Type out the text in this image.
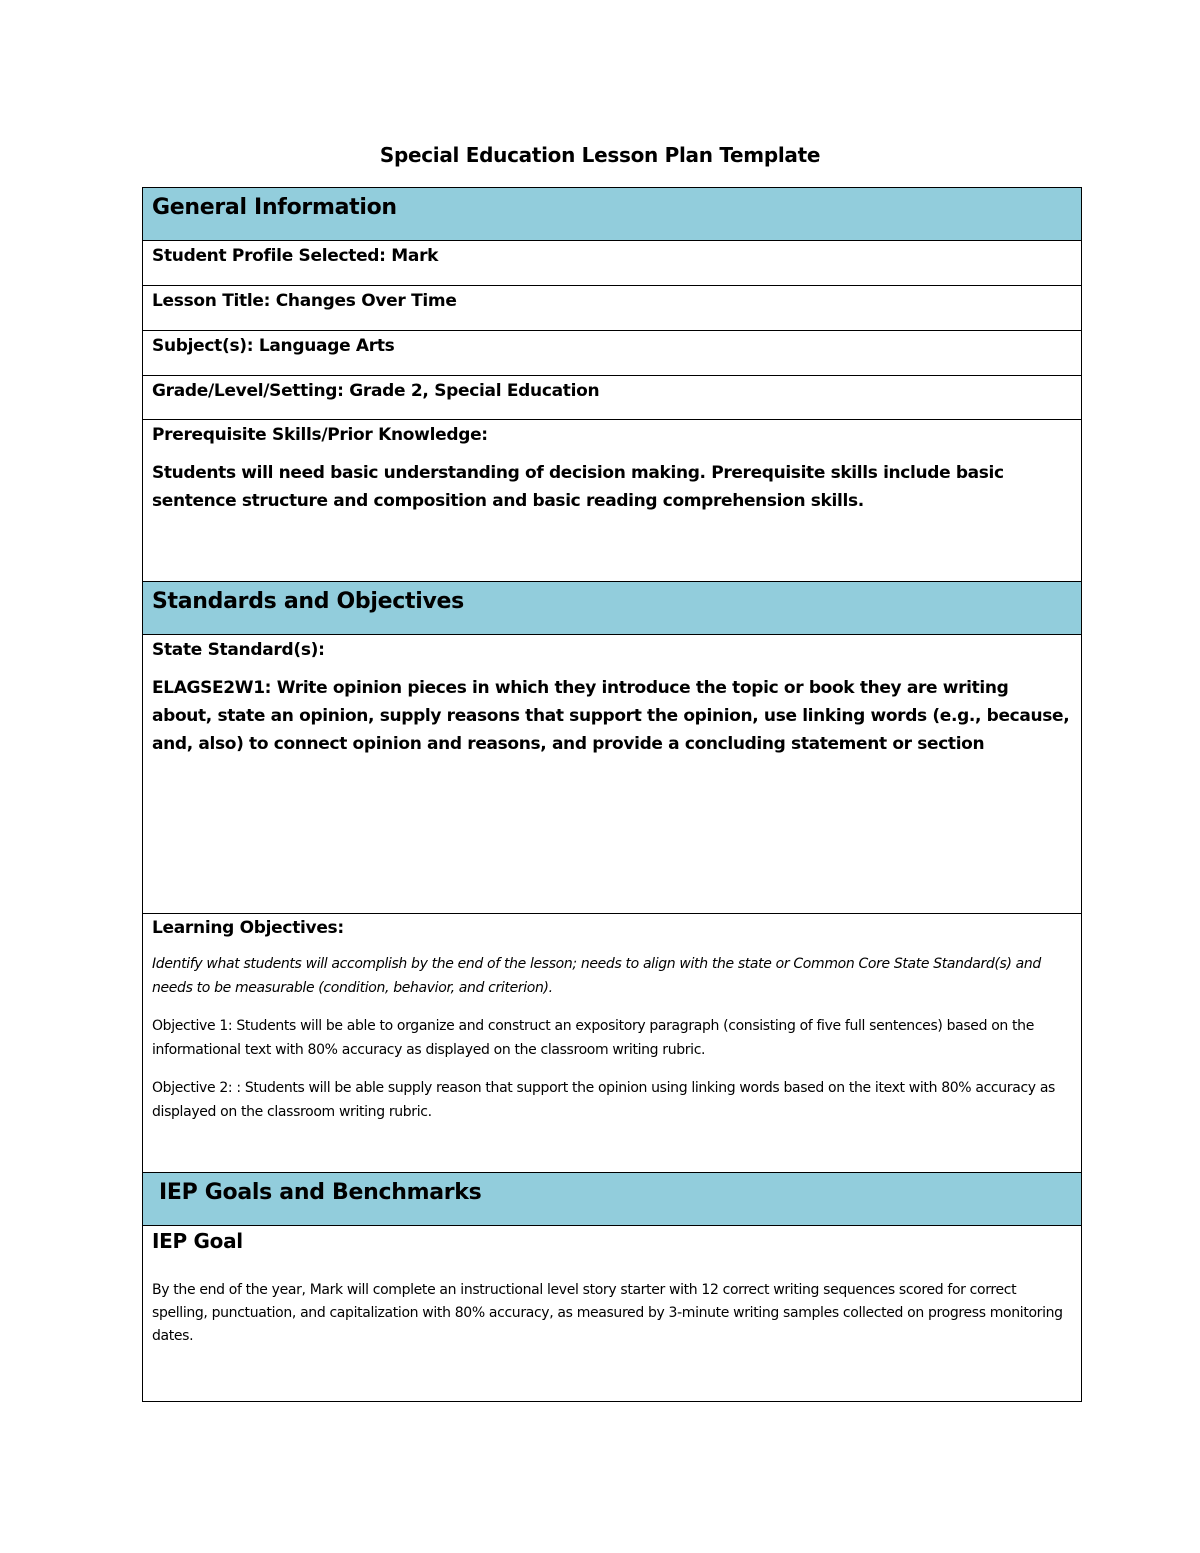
Special Education Lesson Plan Template
General Information
Student Profile Selected: Mark
Lesson Title: Changes Over Time
Subject(s): Language Arts
Grade/Level/Setting: Grade 2, Special Education
Prerequisite Skills/Prior Knowledge:
Students will need basic understanding of decision making. Prerequisite skills include basic sentence structure and composition and basic reading comprehension skills.
Standards and Objectives
State Standard(s):
ELAGSE2W1: Write opinion pieces in which they introduce the topic or book they are writing about, state an opinion, supply reasons that support the opinion, use linking words (e.g., because, and, also) to connect opinion and reasons, and provide a concluding statement or section
Learning Objectives:
Identify what students will accomplish by the end of the lesson; needs to align with the state or Common Core State Standard(s) and needs to be measurable (condition, behavior, and criterion).
Objective 1: Students will be able to organize and construct an expository paragraph (consisting of five full sentences) based on the informational text with 80% accuracy as displayed on the classroom writing rubric.
Objective 2: : Students will be able supply reason that support the opinion using linking words based on the itext with 80% accuracy as displayed on the classroom writing rubric.
IEP Goals and Benchmarks
IEP Goal
By the end of the year, Mark will complete an instructional level story starter with 12 correct writing sequences scored for correct spelling, punctuation, and capitalization with 80% accuracy, as measured by 3-minute writing samples collected on progress monitoring dates.
